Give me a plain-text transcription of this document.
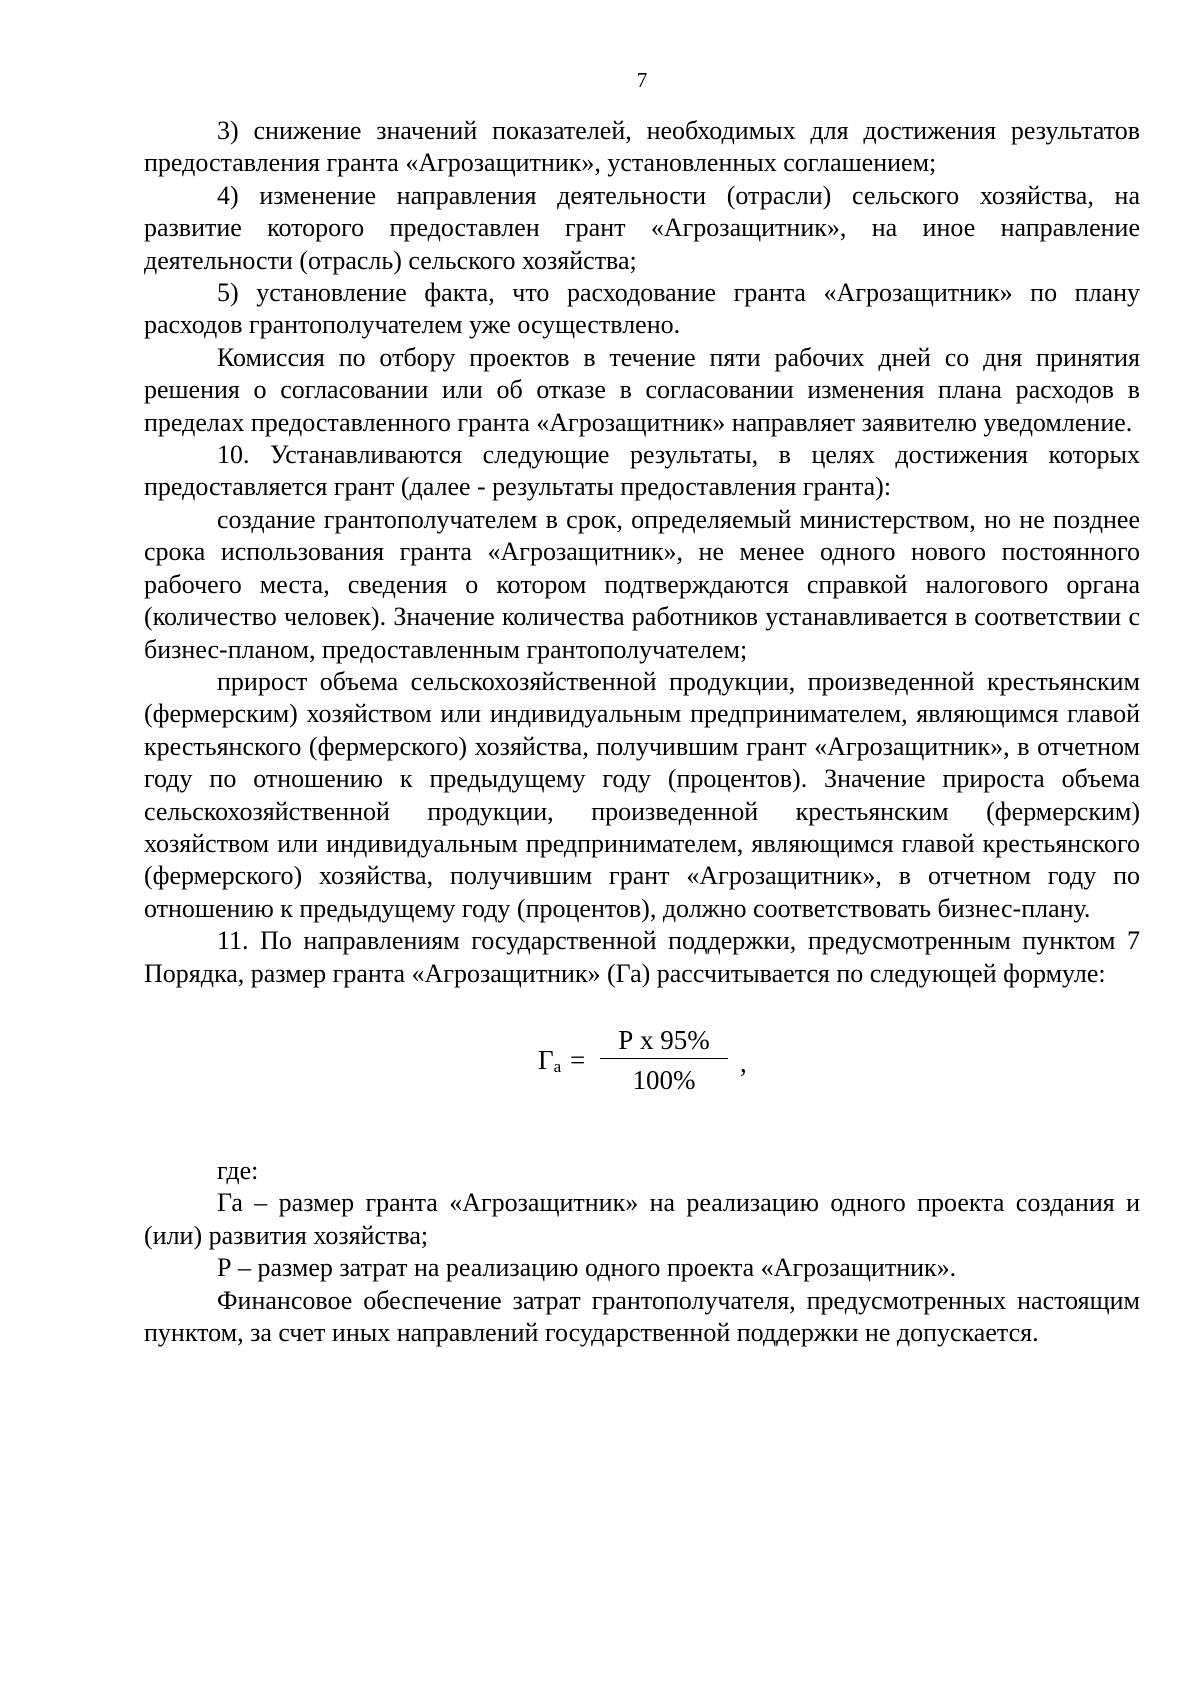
7

3) снижение значений показателей, необходимых для достижения результатов предоставления гранта «Агрозащитник», установленных соглашением;

4) изменение направления деятельности (отрасли) сельского хозяйства, на развитие которого предоставлен грант «Агрозащитник», на иное направление деятельности (отрасль) сельского хозяйства;

5) установление факта, что расходование гранта «Агрозащитник» по плану расходов грантополучателем уже осуществлено.

Комиссия по отбору проектов в течение пяти рабочих дней со дня принятия решения о согласовании или об отказе в согласовании изменения плана расходов в пределах предоставленного гранта «Агрозащитник» направляет заявителю уведомление.

10. Устанавливаются следующие результаты, в целях достижения которых предоставляется грант (далее - результаты предоставления гранта):

создание грантополучателем в срок, определяемый министерством, но не позднее срока использования гранта «Агрозащитник», не менее одного нового постоянного рабочего места, сведения о котором подтверждаются справкой налогового органа (количество человек). Значение количества работников устанавливается в соответствии с бизнес-планом, предоставленным грантополучателем;

прирост объема сельскохозяйственной продукции, произведенной крестьянским (фермерским) хозяйством или индивидуальным предпринимателем, являющимся главой крестьянского (фермерского) хозяйства, получившим грант «Агрозащитник», в отчетном году по отношению к предыдущему году (процентов). Значение прироста объема сельскохозяйственной продукции, произведенной крестьянским (фермерским) хозяйством или индивидуальным предпринимателем, являющимся главой крестьянского (фермерского) хозяйства, получившим грант «Агрозащитник», в отчетном году по отношению к предыдущему году (процентов), должно соответствовать бизнес-плану.

11. По направлениям государственной поддержки, предусмотренным пунктом 7 Порядка, размер гранта «Агрозащитник» (Га) рассчитывается по следующей формуле:

$Г_а$ =
Р х 95%
100%
,

где:

Га – размер гранта «Агрозащитник» на реализацию одного проекта создания и (или) развития хозяйства;

Р – размер затрат на реализацию одного проекта «Агрозащитник».

Финансовое обеспечение затрат грантополучателя, предусмотренных настоящим пунктом, за счет иных направлений государственной поддержки не допускается.
